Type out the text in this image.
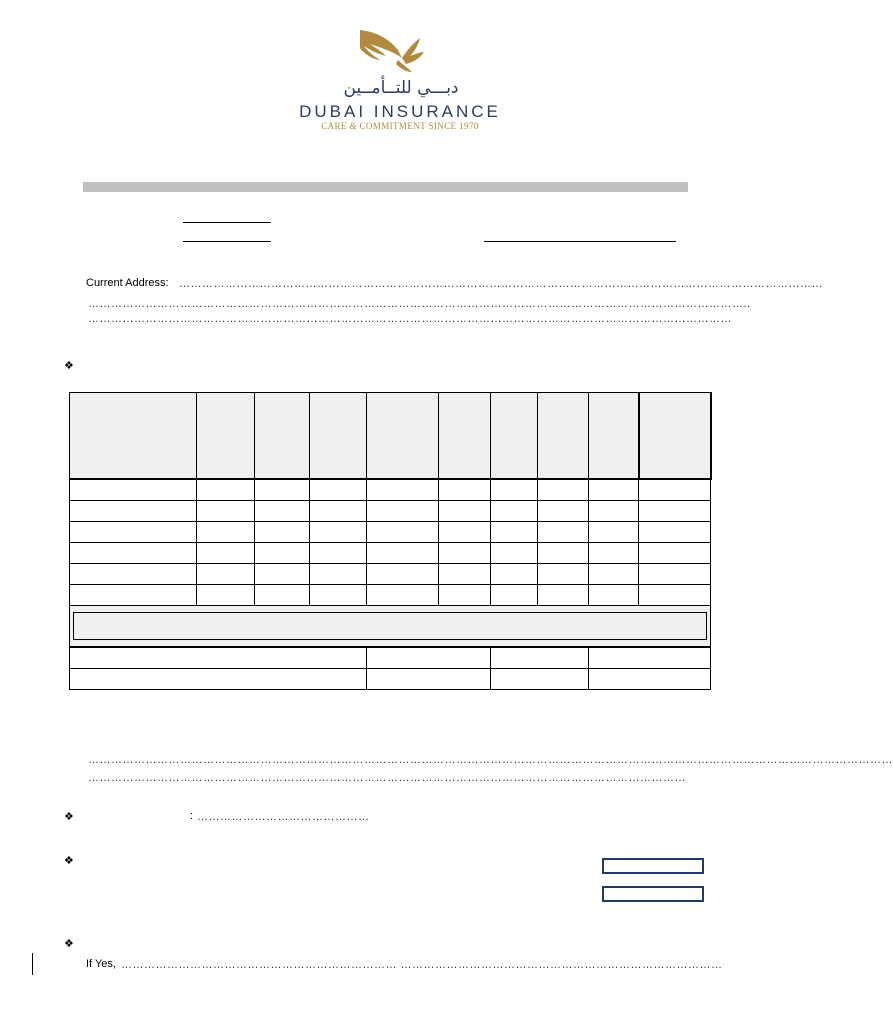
دبـــي للتــأمــين
DUBAI INSURANCE
CARE & COMMITMENT SINCE 1970
Current Address: ……………………………………………………………………………………………………………………………………………………
………………………………………………………………………………………………………………………………………………………..
……………………………………………………………………………………………………………………………………………………
❖

…………………………………………………………………………………………………………………………………………………………………………………………
…………………………………………………………………………………………………………………………………………
❖	: ………………………………………
❖
❖
If Yes, ……………………………………………………………… …………………………………………………………………………
